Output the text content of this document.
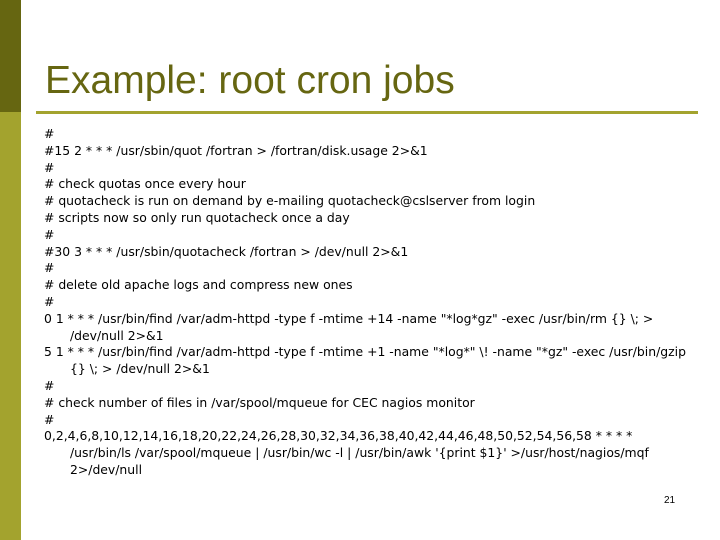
Example: root cron jobs
#
#15 2 * * * /usr/sbin/quot /fortran > /fortran/disk.usage 2>&1
#
# check quotas once every hour
# quotacheck is run on demand by e-mailing quotacheck@cslserver from login
# scripts now so only run quotacheck once a day
#
#30 3 * * * /usr/sbin/quotacheck /fortran > /dev/null 2>&1
#
# delete old apache logs and compress new ones
#
0 1 * * * /usr/bin/find /var/adm-httpd -type f -mtime +14 -name "*log*gz" -exec /usr/bin/rm {} \; > /dev/null 2>&1
5 1 * * * /usr/bin/find /var/adm-httpd -type f -mtime +1 -name "*log*" \! -name "*gz" -exec /usr/bin/gzip {} \; > /dev/null 2>&1
#
# check number of files in /var/spool/mqueue for CEC nagios monitor
#
0,2,4,6,8,10,12,14,16,18,20,22,24,26,28,30,32,34,36,38,40,42,44,46,48,50,52,54,56,58 * * * * /usr/bin/ls /var/spool/mqueue | /usr/bin/wc -l | /usr/bin/awk '{print $1}' >/usr/host/nagios/mqf 2>/dev/null
21
